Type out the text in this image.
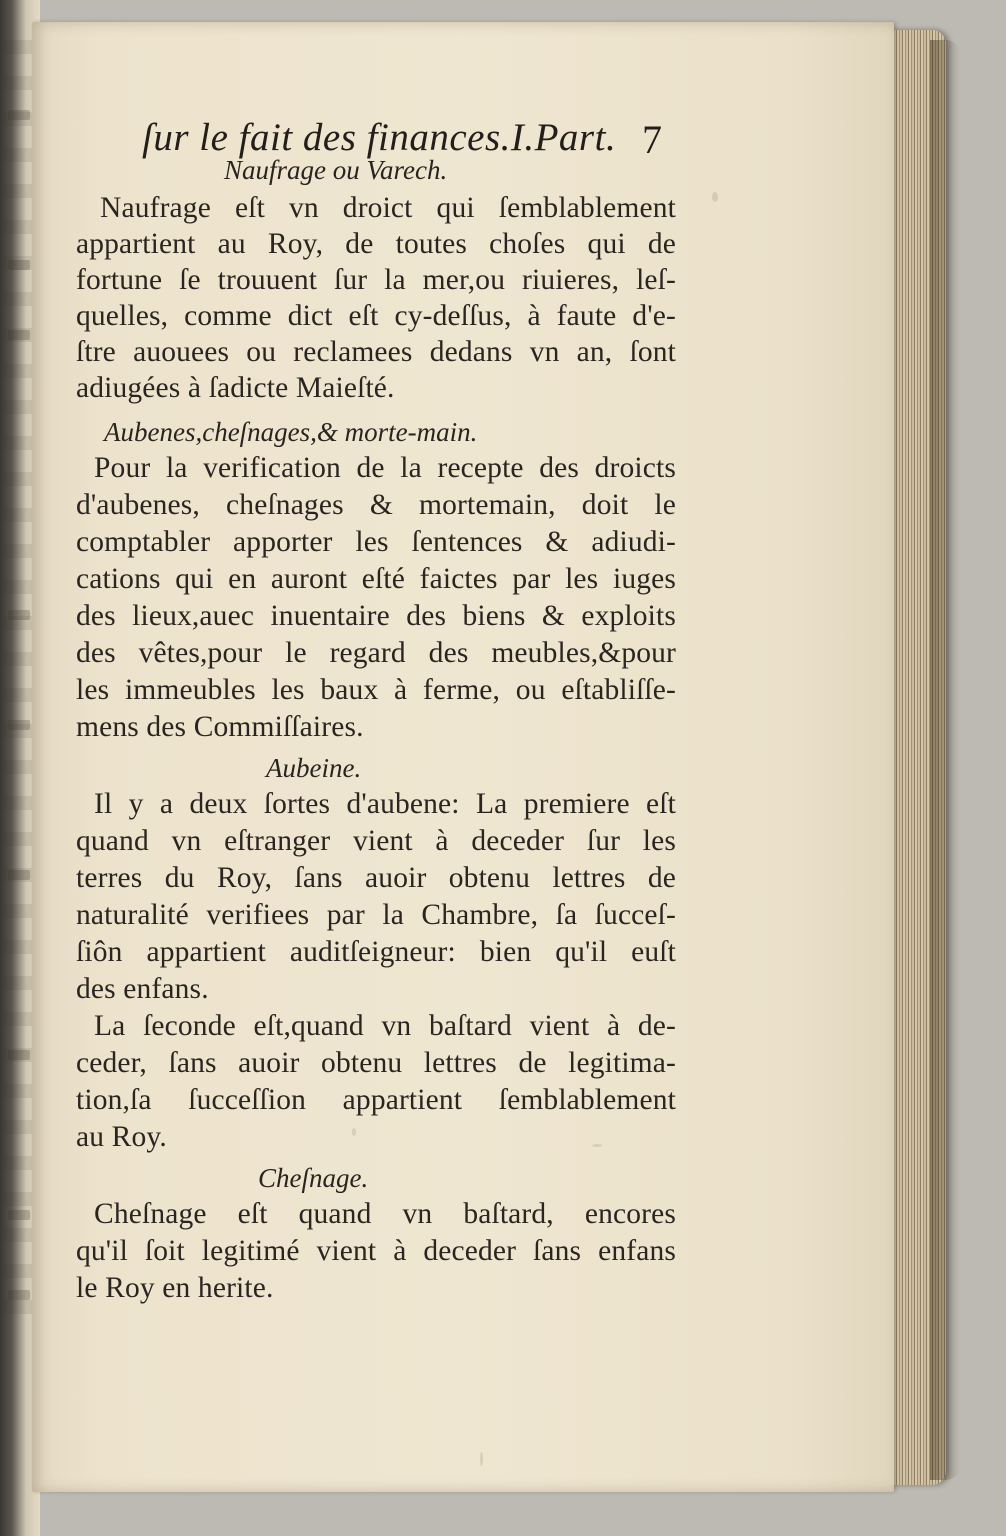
ſur le fait des finances.I.Part. 7
Naufrage ou Varech.
Naufrage eſt vn droict qui ſemblablement
appartient au Roy, de toutes choſes qui de
fortune ſe trouuent ſur la mer,ou riuieres, leſ-
quelles, comme dict eſt cy-deſſus, à faute d'e-
ſtre auouees ou reclamees dedans vn an, ſont
adiugées à ſadicte Maieſté.
Aubenes,cheſnages,& morte-main.
Pour la verification de la recepte des droicts
d'aubenes, cheſnages & mortemain, doit le
comptabler apporter les ſentences & adiudi-
cations qui en auront eſté faictes par les iuges
des lieux,auec inuentaire des biens & exploits
des vêtes,pour le regard des meubles,&pour
les immeubles les baux à ferme, ou eſtabliſſe-
mens des Commiſſaires.
Aubeine.
Il y a deux ſortes d'aubene: La premiere eſt
quand vn eſtranger vient à deceder ſur les
terres du Roy, ſans auoir obtenu lettres de
naturalité verifiees par la Chambre, ſa ſucceſ-
ſiôn appartient auditſeigneur: bien qu'il euſt
des enfans.
La ſeconde eſt,quand vn baſtard vient à de-
ceder, ſans auoir obtenu lettres de legitima-
tion,ſa ſucceſſion appartient ſemblablement
au Roy.
Cheſnage.
Cheſnage eſt quand vn baſtard, encores
qu'il ſoit legitimé vient à deceder ſans enfans
le Roy en herite.
